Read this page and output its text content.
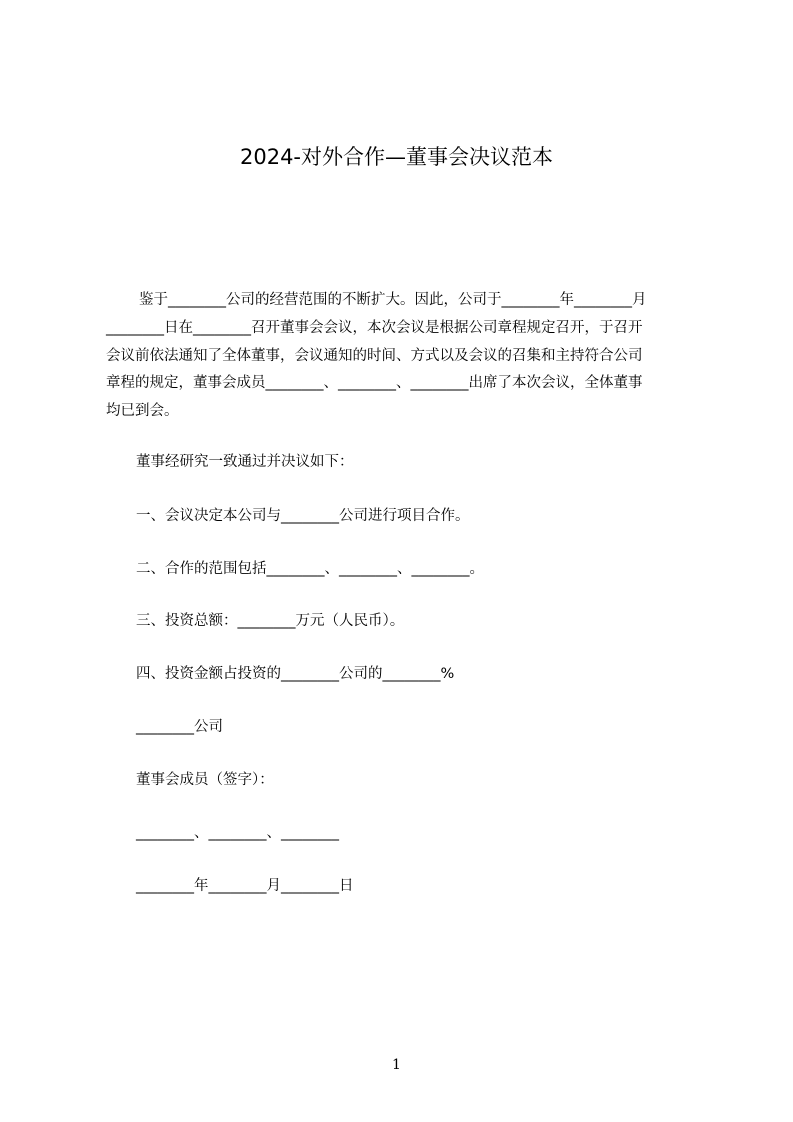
2024-对外合作—董事会决议范本
鉴于________公司的经营范围的不断扩大。因此，公司于________年________月
________日在________召开董事会会议，本次会议是根据公司章程规定召开，于召开
会议前依法通知了全体董事，会议通知的时间、方式以及会议的召集和主持符合公司
章程的规定，董事会成员________、________、________出席了本次会议，全体董事
均已到会。
董事经研究一致通过并决议如下：
一、会议决定本公司与________公司进行项目合作。
二、合作的范围包括________、________、________。
三、投资总额：________万元（人民币）。
四、投资金额占投资的________公司的________%
________公司
董事会成员（签字）：
________、________、________
________年________月________日
1
